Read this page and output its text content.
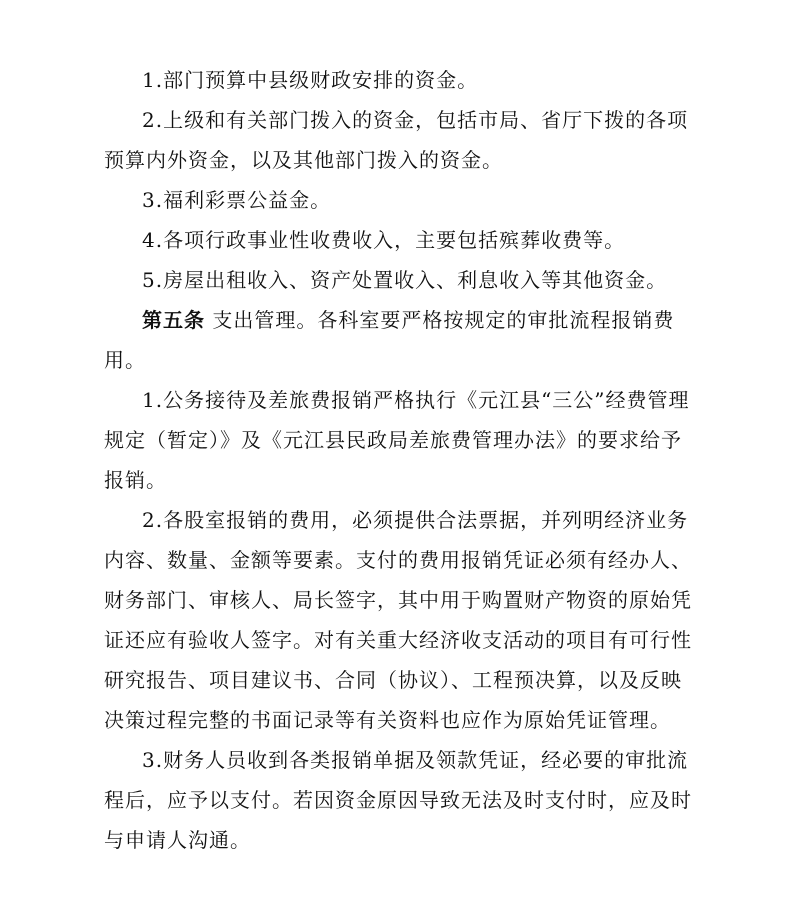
1.部门预算中县级财政安排的资金。
2.上级和有关部门拨入的资金，包括市局、省厅下拨的各项
预算内外资金，以及其他部门拨入的资金。
3.福利彩票公益金。
4.各项行政事业性收费收入，主要包括殡葬收费等。
5.房屋出租收入、资产处置收入、利息收入等其他资金。
第五条 支出管理。各科室要严格按规定的审批流程报销费
用。
1.公务接待及差旅费报销严格执行《元江县“三公”经费管理
规定（暂定）》及《元江县民政局差旅费管理办法》的要求给予
报销。
2.各股室报销的费用，必须提供合法票据，并列明经济业务
内容、数量、金额等要素。支付的费用报销凭证必须有经办人、
财务部门、审核人、局长签字，其中用于购置财产物资的原始凭
证还应有验收人签字。对有关重大经济收支活动的项目有可行性
研究报告、项目建议书、合同（协议）、工程预决算，以及反映
决策过程完整的书面记录等有关资料也应作为原始凭证管理。
3.财务人员收到各类报销单据及领款凭证，经必要的审批流
程后，应予以支付。若因资金原因导致无法及时支付时，应及时
与申请人沟通。
